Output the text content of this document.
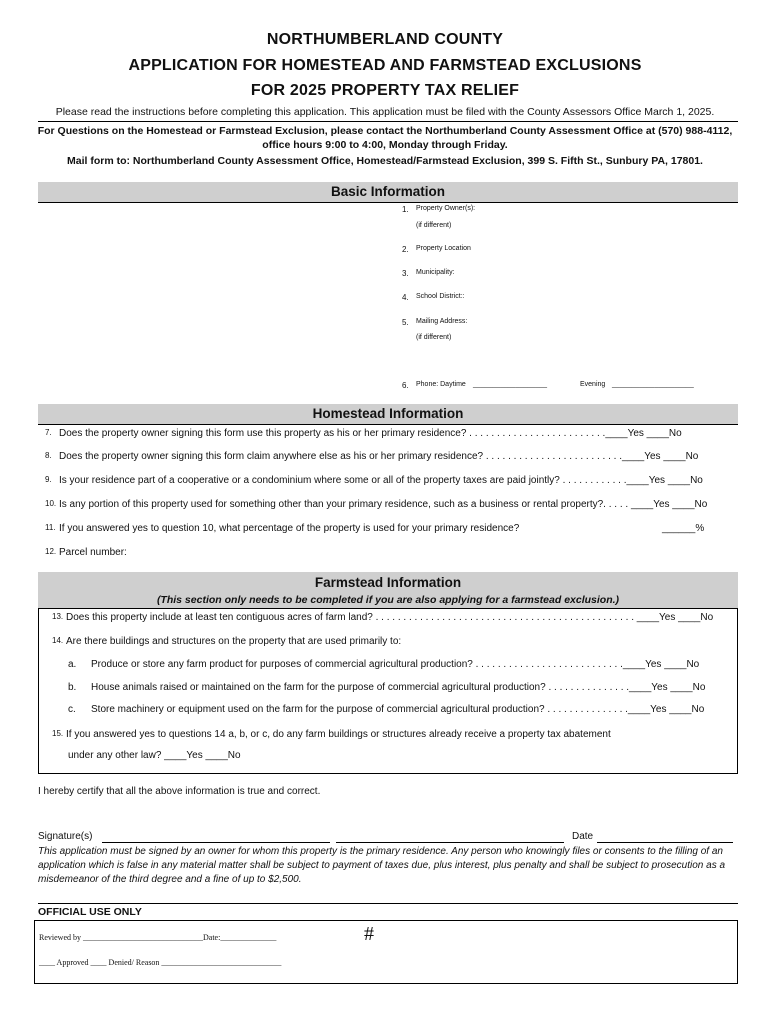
NORTHUMBERLAND COUNTY
APPLICATION FOR HOMESTEAD AND FARMSTEAD EXCLUSIONS
FOR 2025 PROPERTY TAX RELIEF
Please read the instructions before completing this application. This application must be filed with the County Assessors Office March 1, 2025.
For Questions on the Homestead or Farmstead Exclusion, please contact the Northumberland County Assessment Office at (570) 988-4112,
office hours 9:00 to 4:00, Monday through Friday.
Mail form to: Northumberland County Assessment Office, Homestead/Farmstead Exclusion, 399 S. Fifth St., Sunbury PA, 17801.
Basic Information
1. Property Owner(s):
(if different)
2. Property Location
3. Municipality:
4. School District::
5. Mailing Address:
(if different)
6. Phone: Daytime ___________________	Evening _____________________
Homestead Information
7. Does the property owner signing this form use this property as his or her primary residence? . . . . . . . . . . . . . . . . . . . . . . . . .____Yes ____No
8. Does the property owner signing this form claim anywhere else as his or her primary residence? . . . . . . . . . . . . . . . . . . . . . . . . .____Yes ____No
9. Is your residence part of a cooperative or a condominium where some or all of the property taxes are paid jointly? . . . . . . . . . . . .____Yes ____No
10. Is any portion of this property used for something other than your primary residence, such as a business or rental property?. . . . . ____Yes ____No
11. If you answered yes to question 10, what percentage of the property is used for your primary residence?	______%
12. Parcel number:
Farmstead Information
(This section only needs to be completed if you are also applying for a farmstead exclusion.)
13. Does this property include at least ten contiguous acres of farm land? . . . . . . . . . . . . . . . . . . . . . . . . . . . . . . . . . . . . . . . . . . . . . . . ____Yes ____No
14. Are there buildings and structures on the property that are used primarily to:
a. Produce or store any farm product for purposes of commercial agricultural production? . . . . . . . . . . . . . . . . . . . . . . . . . . .____Yes ____No
b. House animals raised or maintained on the farm for the purpose of commercial agricultural production? . . . . . . . . . . . . . . .____Yes ____No
c. Store machinery or equipment used on the farm for the purpose of commercial agricultural production? . . . . . . . . . . . . . . .____Yes ____No
15. If you answered yes to questions 14 a, b, or c, do any farm buildings or structures already receive a property tax abatement
under any other law? ____Yes ____No
I hereby certify that all the above information is true and correct.
Signature(s)	Date
This application must be signed by an owner for whom this property is the primary residence. Any person who knowingly files or consents to the filling of an application which is false in any material matter shall be subject to payment of taxes due, plus interest, plus penalty and shall be subject to prosecution as a misdemeanor of the third degree and a fine of up to $2,500.
OFFICIAL USE ONLY
Reviewed by ______________________________Date:______________	#
____ Approved ____ Denied/ Reason ______________________________
